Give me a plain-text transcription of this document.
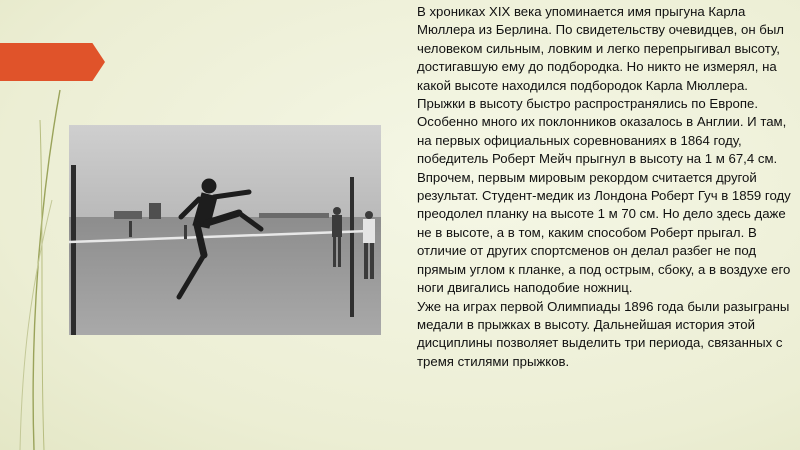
В хрониках XIX века упоминается имя прыгуна Карла Мюллера из Берлина. По свидетельству очевидцев, он был человеком сильным, ловким и легко перепрыгивал высоту, достигавшую ему до подбородка. Но никто не измерял, на какой высоте находился подбородок Карла Мюллера.

Прыжки в высоту быстро распространялись по Европе. Особенно много их поклонников оказалось в Англии. И там, на первых официальных соревнованиях в 1864 году, победитель Роберт Мейч прыгнул в высоту на 1 м 67,4 см.

Впрочем, первым мировым рекордом считается другой результат. Студент-медик из Лондона Роберт Гуч в 1859 году преодолел планку на высоте 1 м 70 см. Но дело здесь даже не в высоте, а в том, каким способом Роберт прыгал. В отличие от других спортсменов он делал разбег не под прямым углом к планке, а под острым, сбоку, а в воздухе его ноги двигались наподобие ножниц.

Уже на играх первой Олимпиады 1896 года были разыграны медали в прыжках в высоту. Дальнейшая история этой дисциплины позволяет выделить три периода, связанных с тремя стилями прыжков.
